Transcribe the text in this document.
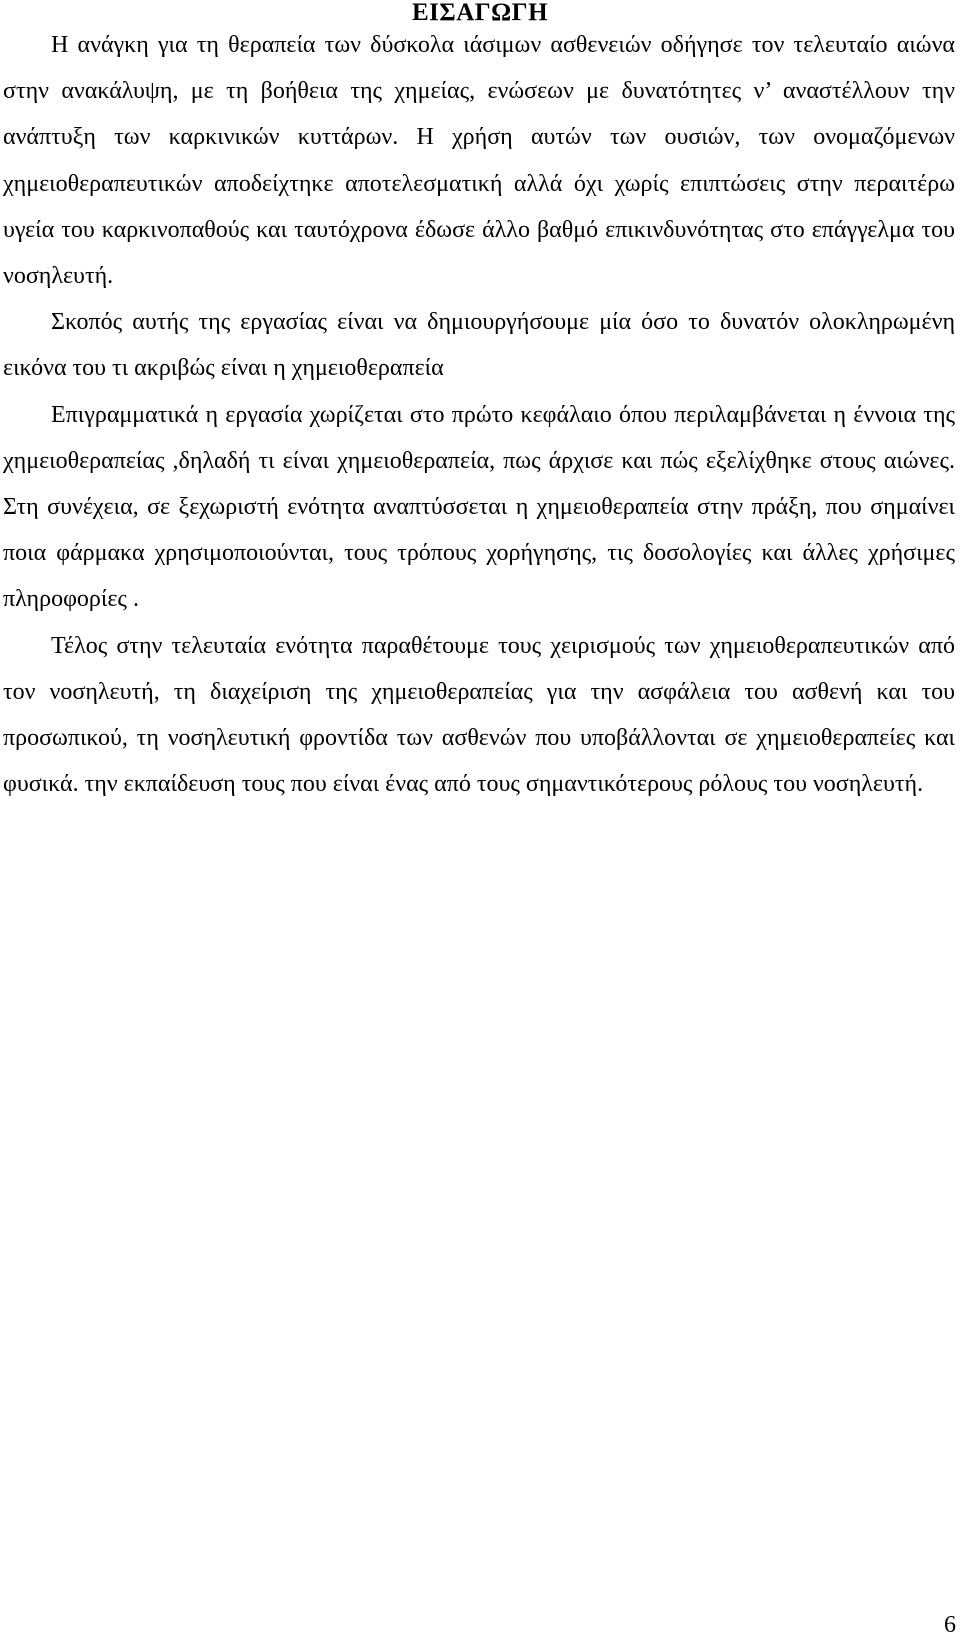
ΕΙΣΑΓΩΓΗ

Η ανάγκη για τη θεραπεία των δύσκολα ιάσιμων ασθενειών οδήγησε τον τελευταίο αιώνα στην ανακάλυψη, με τη βοήθεια της χημείας, ενώσεων με δυνατότητες ν’ αναστέλλουν την ανάπτυξη των καρκινικών κυττάρων. Η χρήση αυτών των ουσιών, των ονομαζόμενων χημειοθεραπευτικών αποδείχτηκε αποτελεσματική αλλά όχι χωρίς επιπτώσεις στην περαιτέρω υγεία του καρκινοπαθούς και ταυτόχρονα έδωσε άλλο βαθμό επικινδυνότητας στο επάγγελμα του νοσηλευτή.

Σκοπός αυτής της εργασίας είναι να δημιουργήσουμε μία όσο το δυνατόν ολοκληρωμένη εικόνα του τι ακριβώς είναι η χημειοθεραπεία

Επιγραμματικά η εργασία χωρίζεται στο πρώτο κεφάλαιο όπου περιλαμβάνεται η έννοια της χημειοθεραπείας ,δηλαδή τι είναι χημειοθεραπεία, πως άρχισε και πώς εξελίχθηκε στους αιώνες. Στη συνέχεια, σε ξεχωριστή ενότητα αναπτύσσεται η χημειοθεραπεία στην πράξη, που σημαίνει ποια φάρμακα χρησιμοποιούνται, τους τρόπους χορήγησης, τις δοσολογίες και άλλες χρήσιμες πληροφορίες .

Τέλος στην τελευταία ενότητα παραθέτουμε τους χειρισμούς των χημειοθεραπευτικών από τον νοσηλευτή, τη διαχείριση της χημειοθεραπείας για την ασφάλεια του ασθενή και του προσωπικού, τη νοσηλευτική φροντίδα των ασθενών που υποβάλλονται σε χημειοθεραπείες και φυσικά. την εκπαίδευση τους που είναι ένας από τους σημαντικότερους ρόλους του νοσηλευτή.

6
